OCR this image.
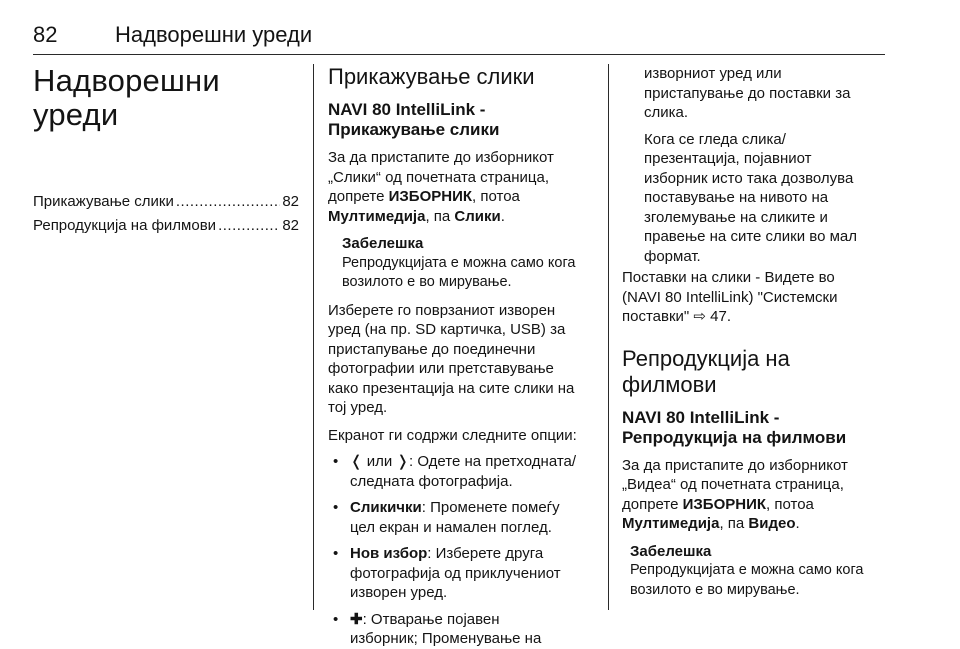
82	Надворешни уреди
Надворешни
уреди
Прикажување слики .....	82
Репродукција на филмови .....	82
Прикажување слики
NAVI 80 IntelliLink -
Прикажување слики

За да пристапите до изборникот

„Слики“ од почетната страница,

допрете ИЗБОРНИК, потоа

Мултимедија, па Слики.

Забелешка
Репродукцијата е можна само кога
возилото е во мирување.

Изберете го поврзаниот изворен

уред (на пр. SD картичка, USB) за

пристапување до поединечни

фотографии или претставување

како презентација на сите слики на

тој уред.

Екранот ги содржи следните опции:

• ❬ или ❭: Одете на претходната/
следната фотографија.
• Сликички: Променете помеѓу
цел екран и намален поглед.
• Нов избор: Изберете друга
фотографија од приклучениот
изворен уред.
• ✚: Отварање појавен
изборник; Променување на

изворниот уред или

пристапување до поставки за

слика.

Кога се гледа слика/

презентација, појавниот

изборник исто така дозволува

поставување на нивото на

зголемување на сликите и

правење на сите слики во мал

формат.

Поставки на слики - Видете во

(NAVI 80 IntelliLink) "Системски

поставки" ⇨ 47.

Репродукција на филмови
NAVI 80 IntelliLink -
Репродукција на филмови

За да пристапите до изборникот

„Видеа“ од почетната страница,

допрете ИЗБОРНИК, потоа

Мултимедија, па Видео.

Забелешка
Репродукцијата е можна само кога
возилото е во мирување.
